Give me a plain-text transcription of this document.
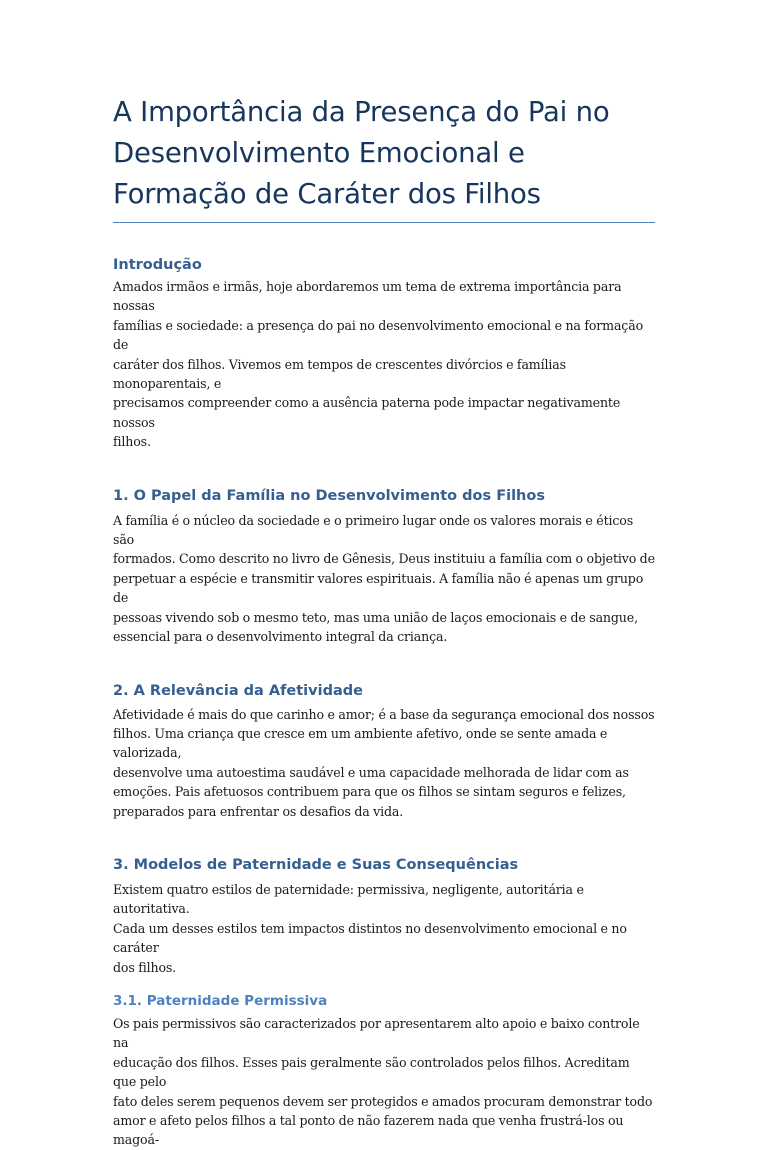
A Importância da Presença do Pai no
Desenvolvimento Emocional e
Formação de Caráter dos Filhos
Introdução

Amados irmãos e irmãs, hoje abordaremos um tema de extrema importância para nossas
famílias e sociedade: a presença do pai no desenvolvimento emocional e na formação de
caráter dos filhos. Vivemos em tempos de crescentes divórcios e famílias monoparentais, e
precisamos compreender como a ausência paterna pode impactar negativamente nossos
filhos.

1. O Papel da Família no Desenvolvimento dos Filhos

A família é o núcleo da sociedade e o primeiro lugar onde os valores morais e éticos são
formados. Como descrito no livro de Gênesis, Deus instituiu a família com o objetivo de
perpetuar a espécie e transmitir valores espirituais. A família não é apenas um grupo de
pessoas vivendo sob o mesmo teto, mas uma união de laços emocionais e de sangue,
essencial para o desenvolvimento integral da criança.

2. A Relevância da Afetividade

Afetividade é mais do que carinho e amor; é a base da segurança emocional dos nossos
filhos. Uma criança que cresce em um ambiente afetivo, onde se sente amada e valorizada,
desenvolve uma autoestima saudável e uma capacidade melhorada de lidar com as
emoções. Pais afetuosos contribuem para que os filhos se sintam seguros e felizes,
preparados para enfrentar os desafios da vida.

3. Modelos de Paternidade e Suas Consequências

Existem quatro estilos de paternidade: permissiva, negligente, autoritária e autoritativa.
Cada um desses estilos tem impactos distintos no desenvolvimento emocional e no caráter
dos filhos.

3.1. Paternidade Permissiva

Os pais permissivos são caracterizados por apresentarem alto apoio e baixo controle na
educação dos filhos. Esses pais geralmente são controlados pelos filhos. Acreditam que pelo
fato deles serem pequenos devem ser protegidos e amados procuram demonstrar todo
amor e afeto pelos filhos a tal ponto de não fazerem nada que venha frustrá-los ou magoá-
